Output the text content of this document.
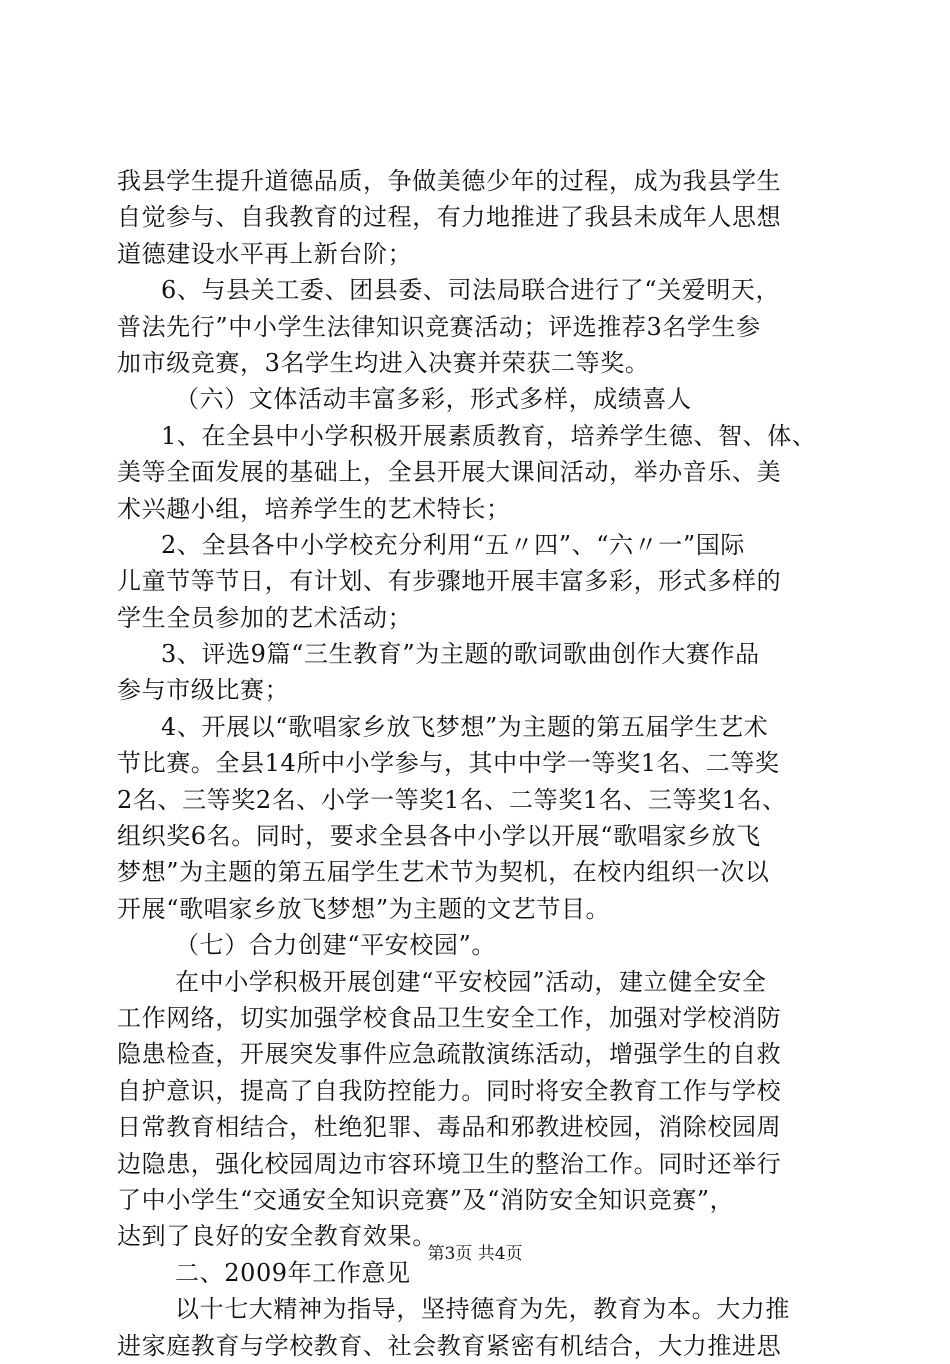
我县学生提升道德品质，争做美德少年的过程，成为我县学生
自觉参与、自我教育的过程，有力地推进了我县未成年人思想
道德建设水平再上新台阶；
6、与县关工委、团县委、司法局联合进行了“关爱明天，
普法先行”中小学生法律知识竞赛活动；评选推荐3名学生参
加市级竞赛，3名学生均进入决赛并荣获二等奖。
（六）文体活动丰富多彩，形式多样，成绩喜人
1、在全县中小学积极开展素质教育，培养学生德、智、体、
美等全面发展的基础上，全县开展大课间活动，举办音乐、美
术兴趣小组，培养学生的艺术特长；
2、全县各中小学校充分利用“五〃四”、“六〃一”国际
儿童节等节日，有计划、有步骤地开展丰富多彩，形式多样的
学生全员参加的艺术活动；
3、评选9篇“三生教育”为主题的歌词歌曲创作大赛作品
参与市级比赛；
4、开展以“歌唱家乡放飞梦想”为主题的第五届学生艺术
节比赛。全县14所中小学参与，其中中学一等奖1名、二等奖
2名、三等奖2名、小学一等奖1名、二等奖1名、三等奖1名、
组织奖6名。同时，要求全县各中小学以开展“歌唱家乡放飞
梦想”为主题的第五届学生艺术节为契机，在校内组织一次以
开展“歌唱家乡放飞梦想”为主题的文艺节目。
（七）合力创建“平安校园”。
在中小学积极开展创建“平安校园”活动，建立健全安全
工作网络，切实加强学校食品卫生安全工作，加强对学校消防
隐患检查，开展突发事件应急疏散演练活动，增强学生的自救
自护意识，提高了自我防控能力。同时将安全教育工作与学校
日常教育相结合，杜绝犯罪、毒品和邪教进校园，消除校园周
边隐患，强化校园周边市容环境卫生的整治工作。同时还举行
了中小学生“交通安全知识竞赛”及“消防安全知识竞赛”，
达到了良好的安全教育效果。
二、2009年工作意见
以十七大精神为指导，坚持德育为先，教育为本。大力推
进家庭教育与学校教育、社会教育紧密有机结合，大力推进思
第3页 共4页
